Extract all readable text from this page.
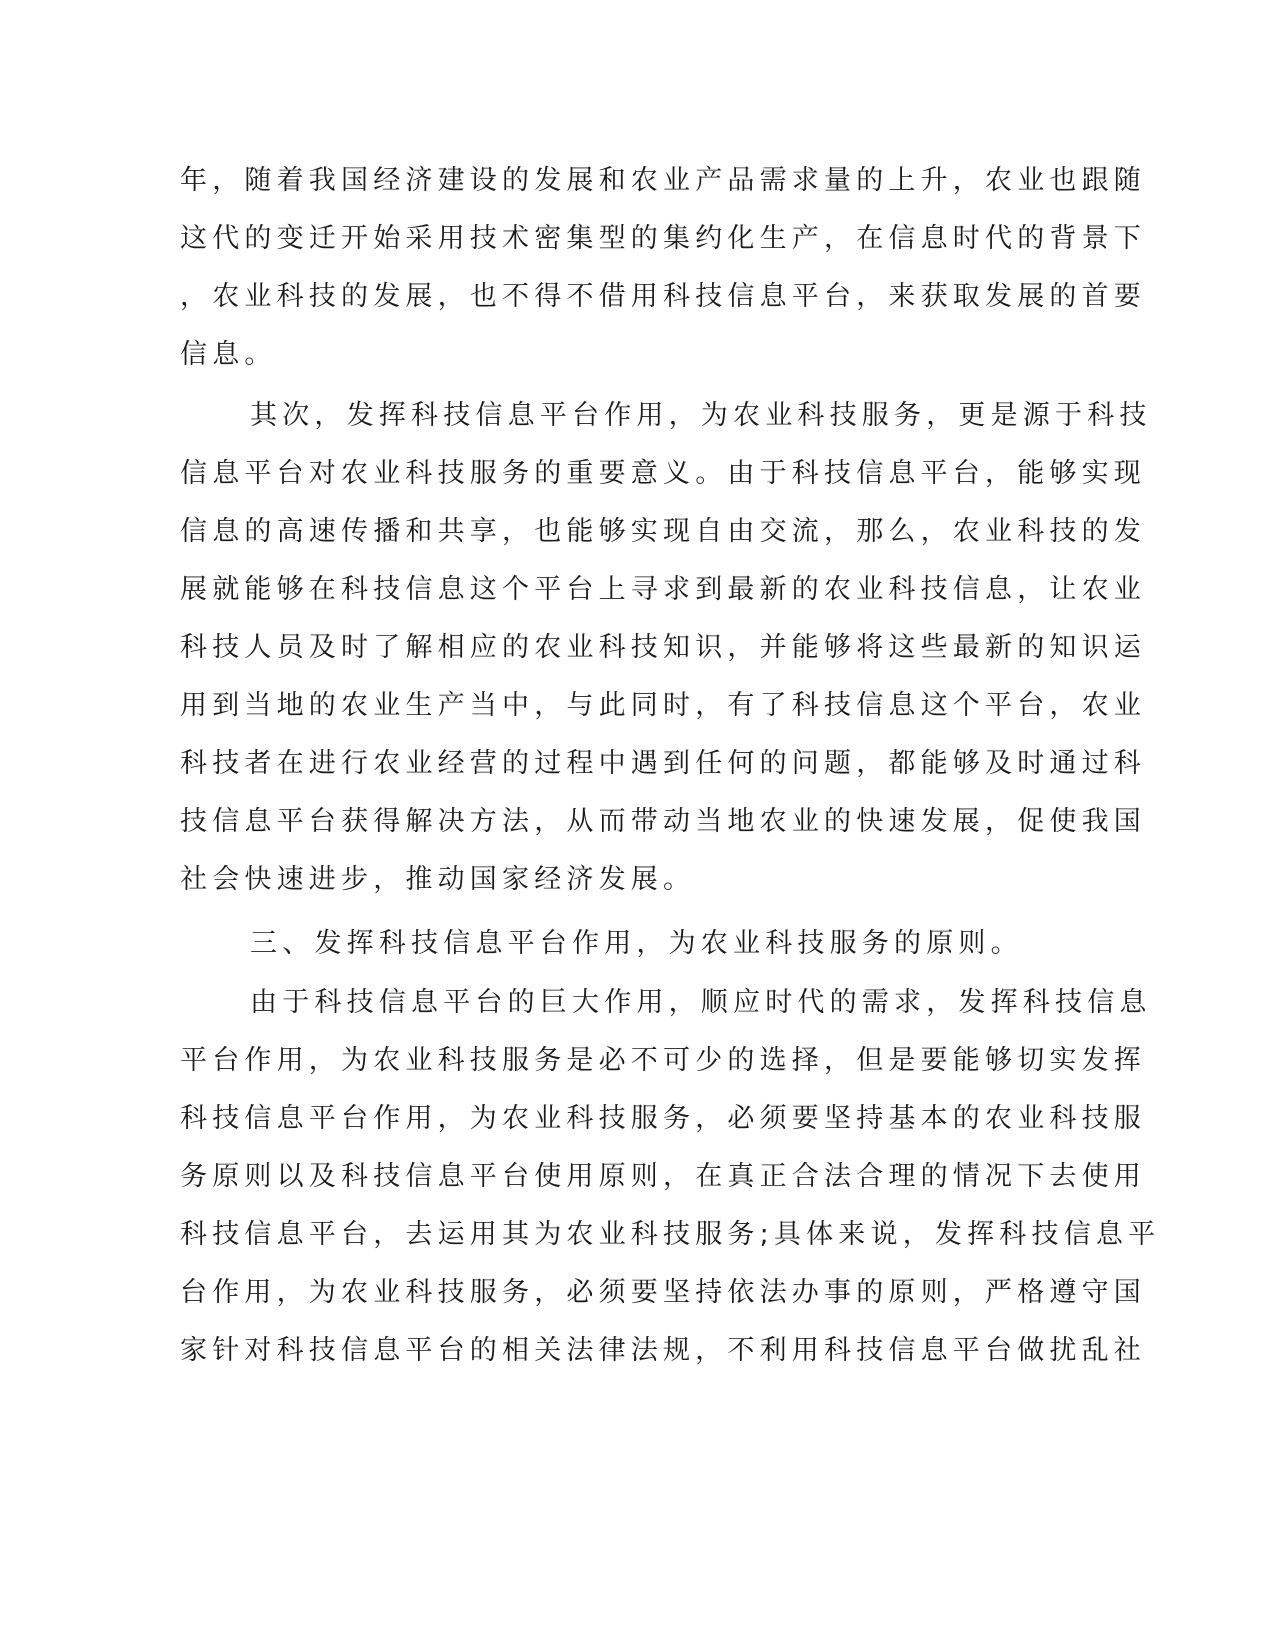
年，随着我国经济建设的发展和农业产品需求量的上升，农业也跟随
这代的变迁开始采用技术密集型的集约化生产，在信息时代的背景下
，农业科技的发展，也不得不借用科技信息平台，来获取发展的首要
信息。
其次，发挥科技信息平台作用，为农业科技服务，更是源于科技
信息平台对农业科技服务的重要意义。由于科技信息平台，能够实现
信息的高速传播和共享，也能够实现自由交流，那么，农业科技的发
展就能够在科技信息这个平台上寻求到最新的农业科技信息，让农业
科技人员及时了解相应的农业科技知识，并能够将这些最新的知识运
用到当地的农业生产当中，与此同时，有了科技信息这个平台，农业
科技者在进行农业经营的过程中遇到任何的问题，都能够及时通过科
技信息平台获得解决方法，从而带动当地农业的快速发展，促使我国
社会快速进步，推动国家经济发展。
三、发挥科技信息平台作用，为农业科技服务的原则。
由于科技信息平台的巨大作用，顺应时代的需求，发挥科技信息
平台作用，为农业科技服务是必不可少的选择，但是要能够切实发挥
科技信息平台作用，为农业科技服务，必须要坚持基本的农业科技服
务原则以及科技信息平台使用原则，在真正合法合理的情况下去使用
科技信息平台，去运用其为农业科技服务;具体来说，发挥科技信息平
台作用，为农业科技服务，必须要坚持依法办事的原则，严格遵守国
家针对科技信息平台的相关法律法规，不利用科技信息平台做扰乱社
